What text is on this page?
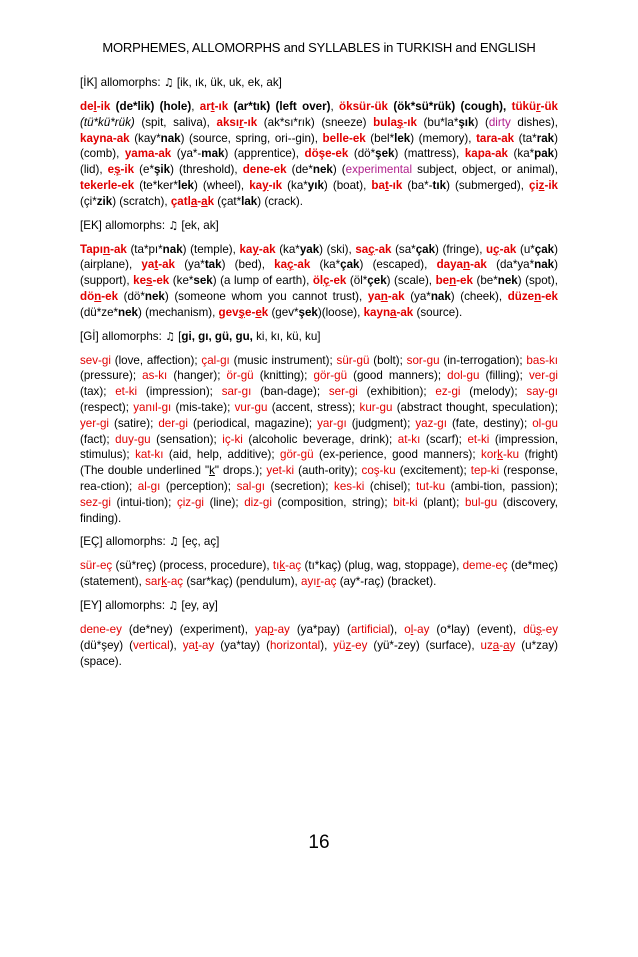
MORPHEMES, ALLOMORPHS and SYLLABLES in TURKISH and ENGLISH
[İK] allomorphs: ♫ [ik, ık, ük, uk, ek, ak]
del-ik (de*lik) (hole), art-ık (ar*tık) (left over), öksür-ük (ök*sü*rük) (cough), tükür-ük (tü*kü*rük) (spit, saliva), aksır-ık (ak*sı*rık) (sneeze) bulaş-ık (bu*la*şık) (dirty dishes), kayna-ak (kay*nak) (source, spring, ori--gin), belle-ek (bel*lek) (memory), tara-ak (ta*rak) (comb), yama-ak (ya*-mak) (apprentice), döşe-ek (dö*şek) (mattress), kapa-ak (ka*pak) (lid), eş-ik (e*şik) (threshold), dene-ek (de*nek) (experimental subject, object, or animal), tekerle-ek (te*ker*lek) (wheel), kay-ık (ka*yık) (boat), bat-ık (ba*-tık) (submerged), çiz-ik (çi*zik) (scratch), çatla-ak (çat*lak) (crack).
[EK] allomorphs: ♫ [ek, ak]
Tapın-ak (ta*pı*nak) (temple), kay-ak (ka*yak) (ski), saç-ak (sa*çak) (fringe), uç-ak (u*çak) (airplane), yat-ak (ya*tak) (bed), kaç-ak (ka*çak) (escaped), dayan-ak (da*ya*nak) (support), kes-ek (ke*sek) (a lump of earth), ölç-ek (öl*çek) (scale), ben-ek (be*nek) (spot), dön-ek (dö*nek) (someone whom you cannot trust), yan-ak (ya*nak) (cheek), düzen-ek (dü*ze*nek) (mechanism), gevşe-ek (gev*şek)(loose), kayna-ak (source).
[Gİ] allomorphs: ♫ [gi, gı, gü, gu, ki, kı, kü, ku]
sev-gi (love, affection); çal-gı (music instrument); sür-gü (bolt); sor-gu (in-terrogation); bas-kı (pressure); as-kı (hanger); ör-gü (knitting); gör-gü (good manners); dol-gu (filling); ver-gi (tax); et-ki (impression); sar-gı (ban-dage); ser-gi (exhibition); ez-gi (melody); say-gı (respect); yanıl-gı (mis-take); vur-gu (accent, stress); kur-gu (abstract thought, speculation); yer-gi (satire); der-gi (periodical, magazine); yar-gı (judgment); yaz-gı (fate, destiny); ol-gu (fact); duy-gu (sensation); iç-ki (alcoholic beverage, drink); at-kı (scarf); et-ki (impression, stimulus); kat-kı (aid, help, additive); gör-gü (ex-perience, good manners); kork-ku (fright) (The double underlined "k" drops.); yet-ki (auth-ority); coş-ku (excitement); tep-ki (response, rea-ction); al-gı (perception); sal-gı (secretion); kes-ki (chisel); tut-ku (ambi-tion, passion); sez-gi (intui-tion); çiz-gi (line); diz-gi (composition, string); bit-ki (plant); bul-gu (discovery, finding).
[EÇ] allomorphs: ♫ [eç, aç]
sür-eç (sü*reç) (process, procedure), tık-aç (tı*kaç) (plug, wag, stoppage), deme-eç (de*meç) (statement), sark-aç (sar*kaç) (pendulum), ayır-aç (ay*-raç) (bracket).
[EY] allomorphs: ♫ [ey, ay]
dene-ey (de*ney) (experiment), yap-ay (ya*pay) (artificial), ol-ay (o*lay) (event), düş-ey (dü*şey) (vertical), yat-ay (ya*tay) (horizontal), yüz-ey (yü*-zey) (surface), uza-ay (u*zay) (space).
16
